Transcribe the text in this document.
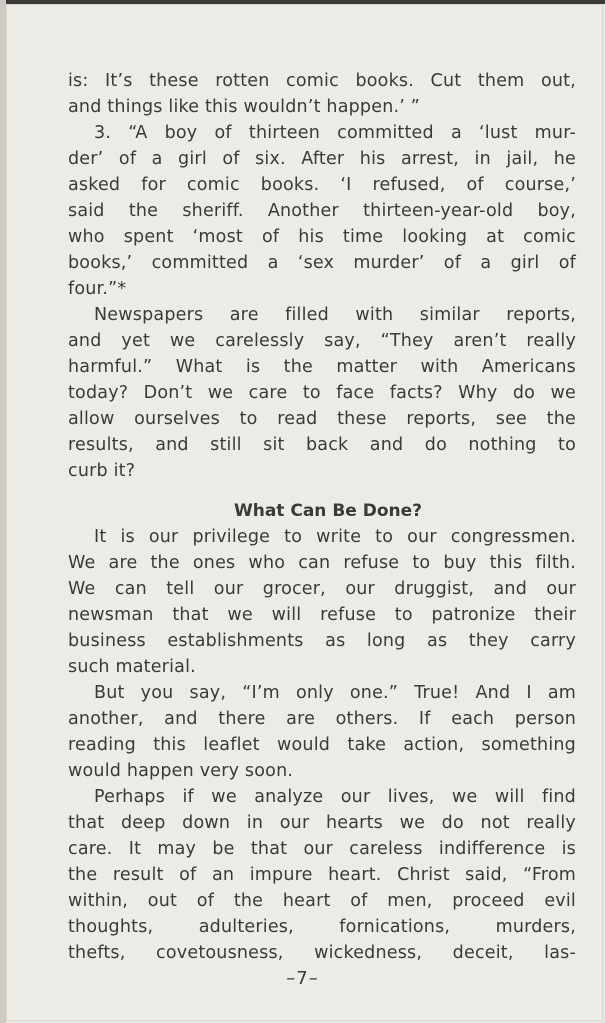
is: It’s these rotten comic books. Cut them out,
and things like this wouldn’t happen.’ ”
3. “A boy of thirteen committed a ‘lust mur-
der’ of a girl of six. After his arrest, in jail, he
asked for comic books. ‘I refused, of course,’
said the sheriff. Another thirteen-year-old boy,
who spent ‘most of his time looking at comic
books,’ committed a ‘sex murder’ of a girl of
four.”*
Newspapers are filled with similar reports,
and yet we carelessly say, “They aren’t really
harmful.” What is the matter with Americans
today? Don’t we care to face facts? Why do we
allow ourselves to read these reports, see the
results, and still sit back and do nothing to
curb it?
What Can Be Done?
It is our privilege to write to our congressmen.
We are the ones who can refuse to buy this filth.
We can tell our grocer, our druggist, and our
newsman that we will refuse to patronize their
business establishments as long as they carry
such material.
But you say, “I’m only one.” True! And I am
another, and there are others. If each person
reading this leaflet would take action, something
would happen very soon.
Perhaps if we analyze our lives, we will find
that deep down in our hearts we do not really
care. It may be that our careless indifference is
the result of an impure heart. Christ said, “From
within, out of the heart of men, proceed evil
thoughts, adulteries, fornications, murders,
thefts, covetousness, wickedness, deceit, las-
–7–
